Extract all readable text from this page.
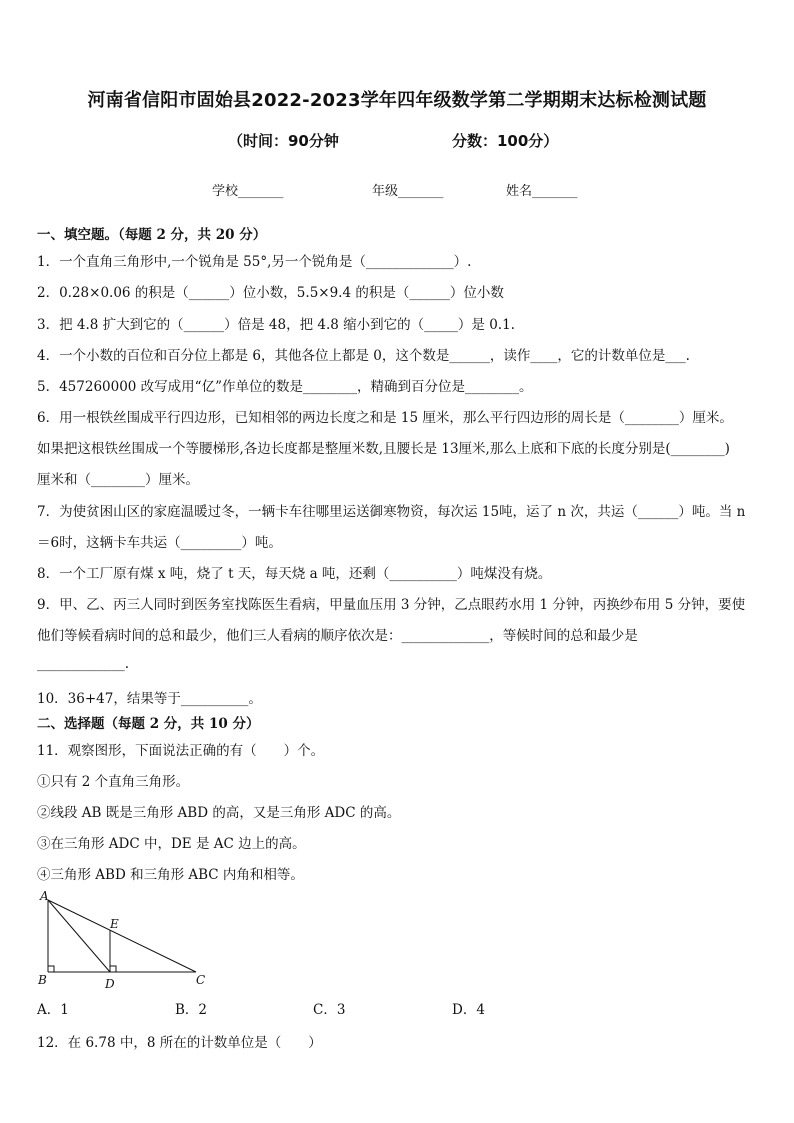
河南省信阳市固始县2022-2023学年四年级数学第二学期期末达标检测试题
（时间：90分钟	分数：100分）
学校_______	年级_______	姓名_______
一、填空题。（每题 2 分，共 20 分）
1．一个直角三角形中,一个锐角是 55°,另一个锐角是（_____________）.
2．0.28×0.06 的积是（______）位小数，5.5×9.4 的积是（______）位小数
3．把 4.8 扩大到它的（______）倍是 48，把 4.8 缩小到它的（_____）是 0.1.
4．一个小数的百位和百分位上都是 6，其他各位上都是 0，这个数是______，读作____，它的计数单位是___.
5．457260000 改写成用“亿”作单位的数是________，精确到百分位是________。
6．用一根铁丝围成平行四边形，已知相邻的两边长度之和是 15 厘米，那么平行四边形的周长是（________）厘米。
如果把这根铁丝围成一个等腰梯形,各边长度都是整厘米数,且腰长是 13厘米,那么上底和下底的长度分别是(________)
厘米和（________）厘米。
7．为使贫困山区的家庭温暖过冬，一辆卡车往哪里运送御寒物资，每次运 15吨，运了 n 次，共运（______）吨。当 n
＝6时，这辆卡车共运（_________）吨。
8．一个工厂原有煤 x 吨，烧了 t 天，每天烧 a 吨，还剩（__________）吨煤没有烧。
9．甲、乙、丙三人同时到医务室找陈医生看病，甲量血压用 3 分钟，乙点眼药水用 1 分钟，丙换纱布用 5 分钟，要使
他们等候看病时间的总和最少，他们三人看病的顺序依次是：_____________，等候时间的总和最少是
_____________.
10．36+47，结果等于__________。
二、选择题（每题 2 分，共 10 分）
11．观察图形，下面说法正确的有（　　）个。
①只有 2 个直角三角形。
②线段 AB 既是三角形 ABD 的高，又是三角形 ADC 的高。
③在三角形 ADC 中，DE 是 AC 边上的高。
④三角形 ABD 和三角形 ABC 内角和相等。
A
B	C
D
E
A．1	B．2	C．3	D．4
12．在 6.78 中，8 所在的计数单位是（　　）
